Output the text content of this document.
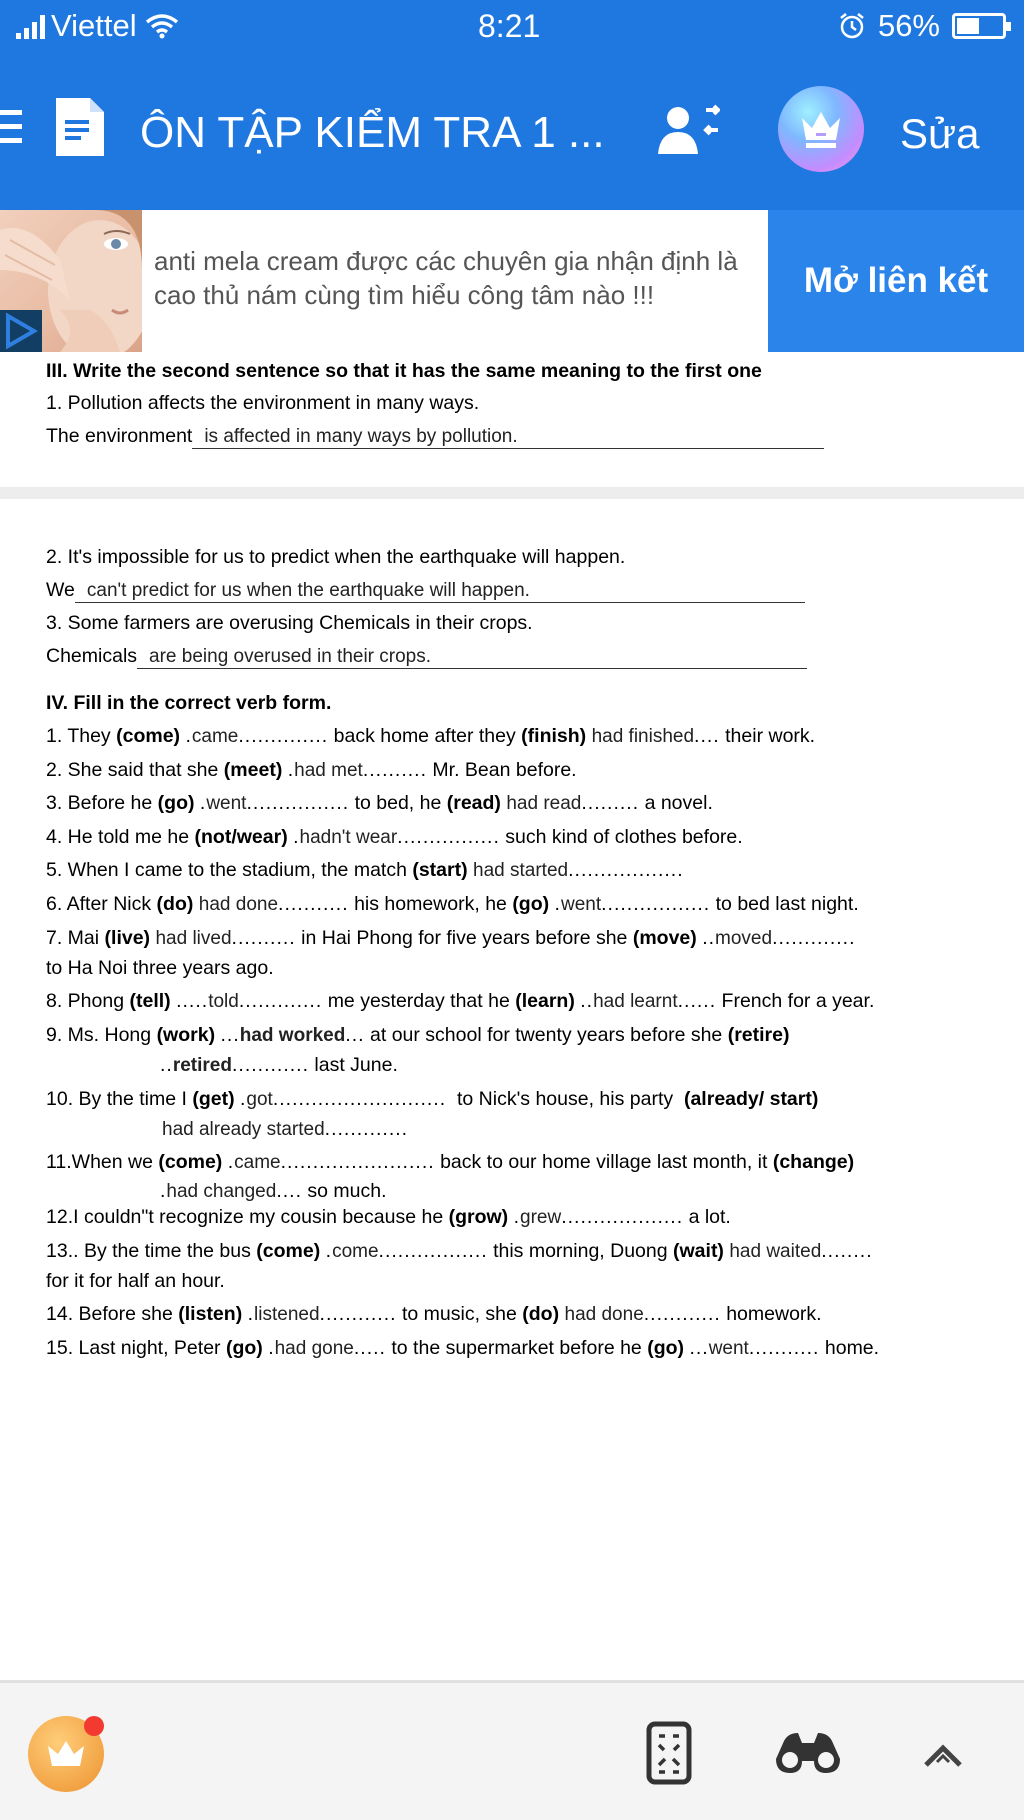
Viettel	8:21	56%
ÔN TẬP KIỂM TRA 1 ...	Sửa
anti mela cream được các chuyên gia nhận định là cao thủ nám cùng tìm hiểu công tâm nào !!!	Mở liên kết
III. Write the second sentence so that it has the same meaning to the first one
1. Pollution affects the environment in many ways.
The environment is affected in many ways by pollution.
2. It's impossible for us to predict when the earthquake will happen.
We can't predict for us when the earthquake will happen.
3. Some farmers are overusing Chemicals in their crops.
Chemicals are being overused in their crops.
IV. Fill in the correct verb form.
1. They (come) .came.............. back home after they (finish) had finished.... their work.
2. She said that she (meet) .had met.......... Mr. Bean before.
3. Before he (go) .went................ to bed, he (read) had read......... a novel.
4. He told me he (not/wear) .hadn't wear................ such kind of clothes before.
5. When I came to the stadium, the match (start) had started..................
6. After Nick (do) had done........... his homework, he (go) .went................. to bed last night.
7. Mai (live) had lived.......... in Hai Phong for five years before she (move) ..moved.............
to Ha Noi three years ago.
8. Phong (tell) .....told............. me yesterday that he (learn) ..had learnt...... French for a year.
9. Ms. Hong (work) ...had worked... at our school for twenty years before she (retire)
..retired............ last June.
10. By the time I (get) .got........................... to Nick's house, his party (already/ start)
had already started.............
11.When we (come) .came........................ back to our home village last month, it (change)
.had changed.... so much.
12.I couldn"t recognize my cousin because he (grow) .grew................... a lot.
13.. By the time the bus (come) .come................. this morning, Duong (wait) had waited........
for it for half an hour.
14. Before she (listen) .listened............ to music, she (do) had done............ homework.
15. Last night, Peter (go) .had gone..... to the supermarket before he (go) ...went........... home.
